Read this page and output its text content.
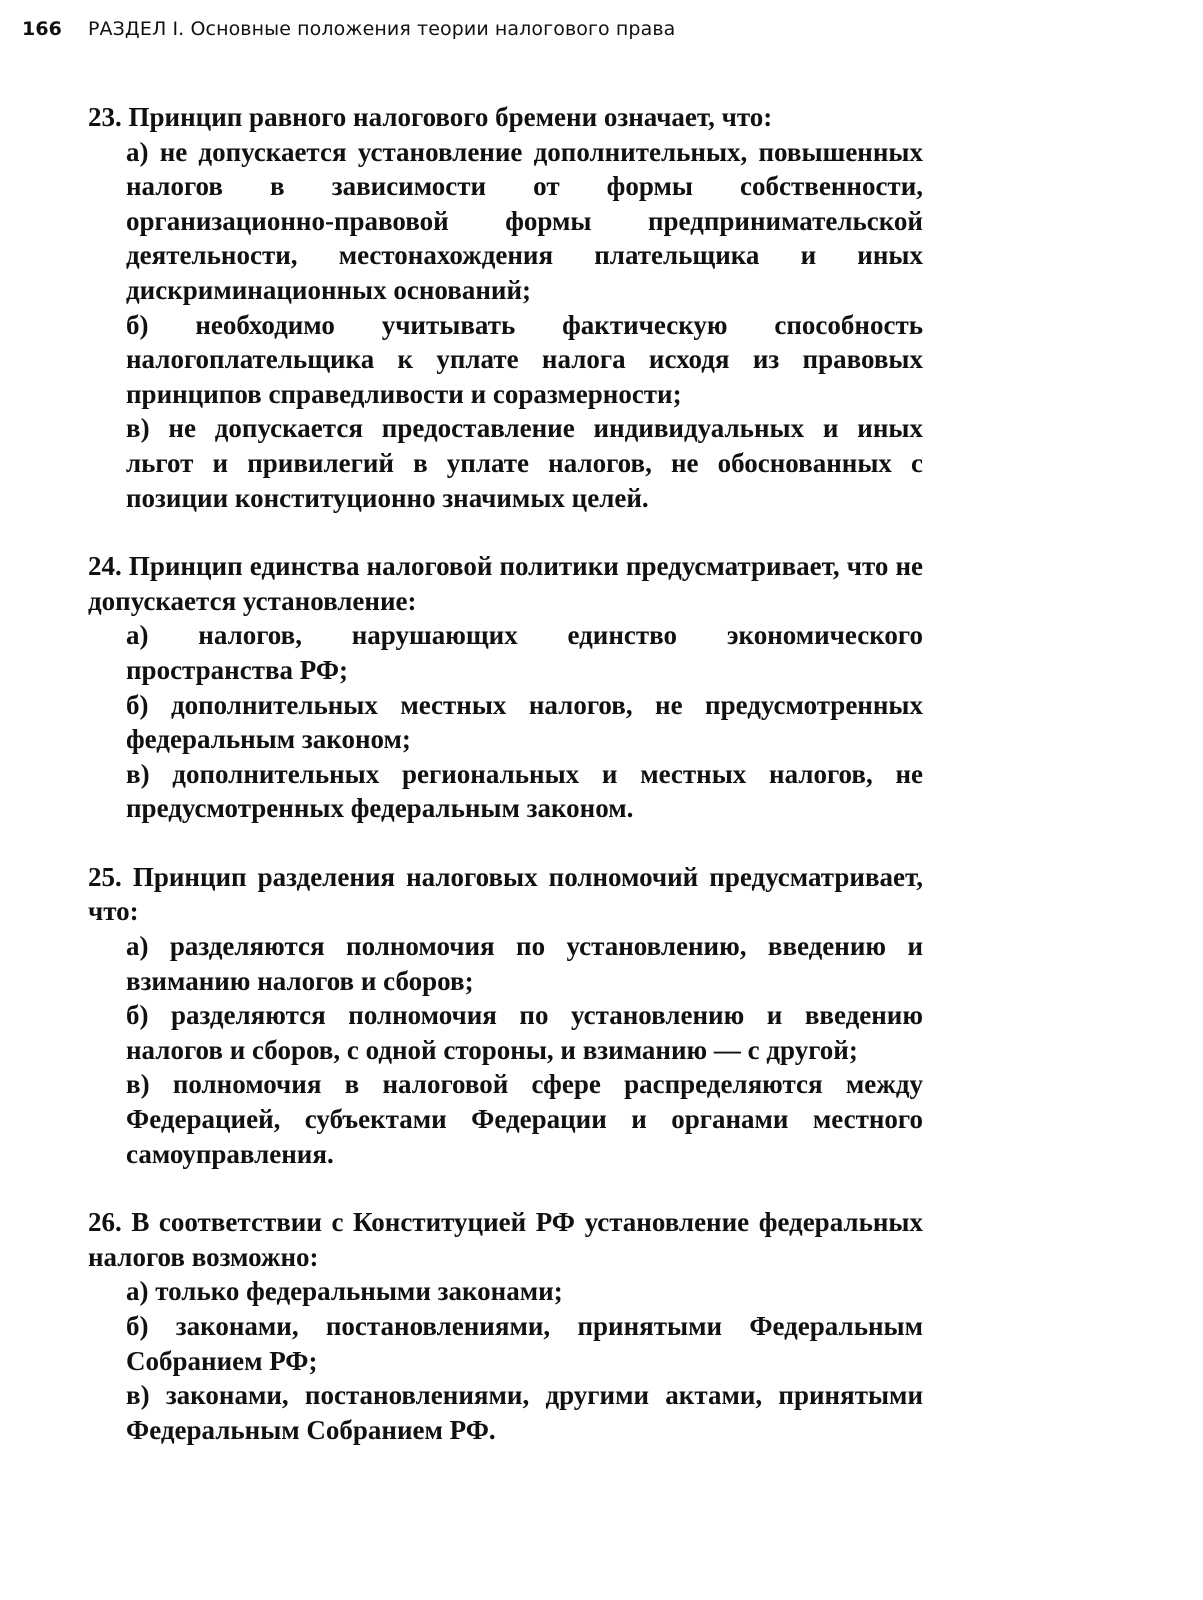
166 РАЗДЕЛ I. Основные положения теории налогового права

23. Принцип равного налогового бремени означает, что:

а) не допускается установление дополнительных, повышенных налогов в зависимости от формы собственности, организационно-правовой формы предпринимательской деятельности, местонахождения плательщика и иных дискриминационных оснований;

б) необходимо учитывать фактическую способность налогоплательщика к уплате налога исходя из правовых принципов справедливости и соразмерности;

в) не допускается предоставление индивидуальных и иных льгот и привилегий в уплате налогов, не обоснованных с позиции конституционно значимых целей.

24. Принцип единства налоговой политики предусматривает, что не допускается установление:

а) налогов, нарушающих единство экономического пространства РФ;

б) дополнительных местных налогов, не предусмотренных федеральным законом;

в) дополнительных региональных и местных налогов, не предусмотренных федеральным законом.

25. Принцип разделения налоговых полномочий предусматривает, что:

а) разделяются полномочия по установлению, введению и взиманию налогов и сборов;

б) разделяются полномочия по установлению и введению налогов и сборов, с одной стороны, и взиманию — с другой;

в) полномочия в налоговой сфере распределяются между Федерацией, субъектами Федерации и органами местного самоуправления.

26. В соответствии с Конституцией РФ установление федеральных налогов возможно:

а) только федеральными законами;

б) законами, постановлениями, принятыми Федеральным Собранием РФ;

в) законами, постановлениями, другими актами, принятыми Федеральным Собранием РФ.
